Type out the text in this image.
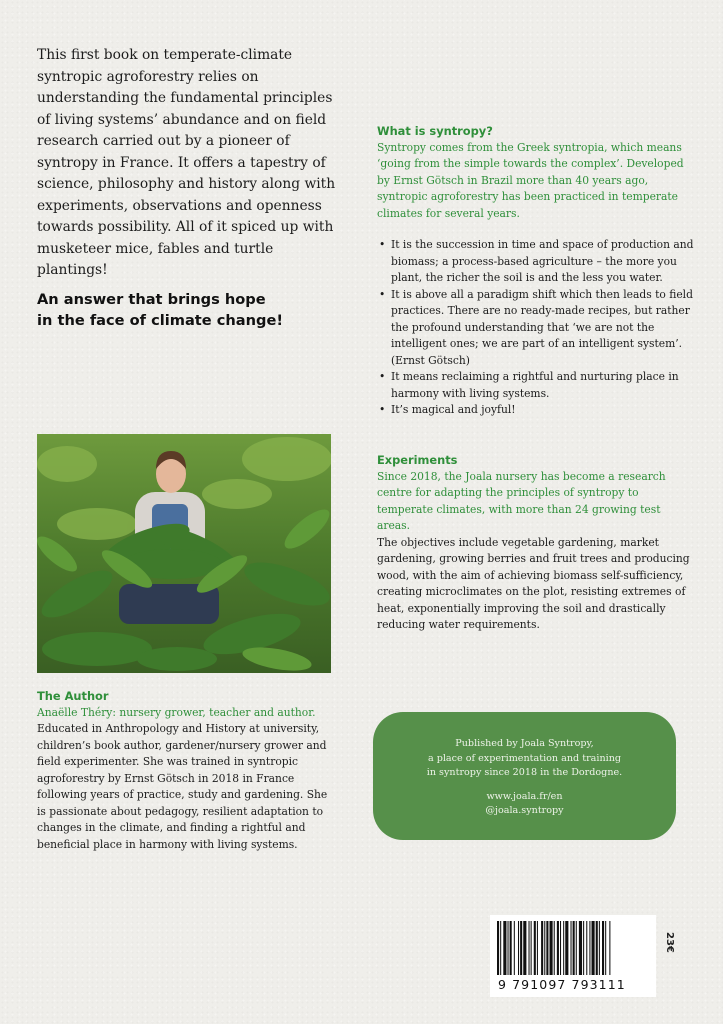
This first book on temperate-climate syntropic agroforestry relies on understanding the fundamental principles of living systems’ abundance and on field research carried out by a pioneer of syntropy in France. It offers a tapestry of science, philosophy and history along with experiments, observations and openness towards possibility. All of it spiced up with musketeer mice, fables and turtle plantings!

An answer that brings hope
in the face of climate change!
What is syntropy?

Syntropy comes from the Greek syntropia, which means ‘going from the simple towards the complex’. Developed by Ernst Götsch in Brazil more than 40 years ago, syntropic agroforestry has been practiced in temperate climates for several years.

• It is the succession in time and space of production and biomass; a process-based agriculture – the more you plant, the richer the soil is and the less you water.
• It is above all a paradigm shift which then leads to field practices. There are no ready-made recipes, but rather the profound understanding that ‘we are not the intelligent ones; we are part of an intelligent system’. (Ernst Götsch)
• It means reclaiming a rightful and nurturing place in harmony with living systems.
• It’s magical and joyful!
Experiments

Since 2018, the Joala nursery has become a research centre for adapting the principles of syntropy to temperate climates, with more than 24 growing test areas.

The objectives include vegetable gardening, market gardening, growing berries and fruit trees and producing wood, with the aim of achieving biomass self-sufficiency, creating microclimates on the plot, resisting extremes of heat, exponentially improving the soil and drastically reducing water requirements.

The Author

Anaëlle Théry: nursery grower, teacher and author.

Educated in Anthropology and History at university, children’s book author, gardener/nursery grower and field experimenter. She was trained in syntropic agroforestry by Ernst Götsch in 2018 in France following years of practice, study and gardening. She is passionate about pedagogy, resilient adaptation to changes in the climate, and finding a rightful and beneficial place in harmony with living systems.

Published by Joala Syntropy,
a place of experimentation and training
in syntropy since 2018 in the Dordogne.
www.joala.fr/en
@joala.syntropy
9 791097 793111
23€
